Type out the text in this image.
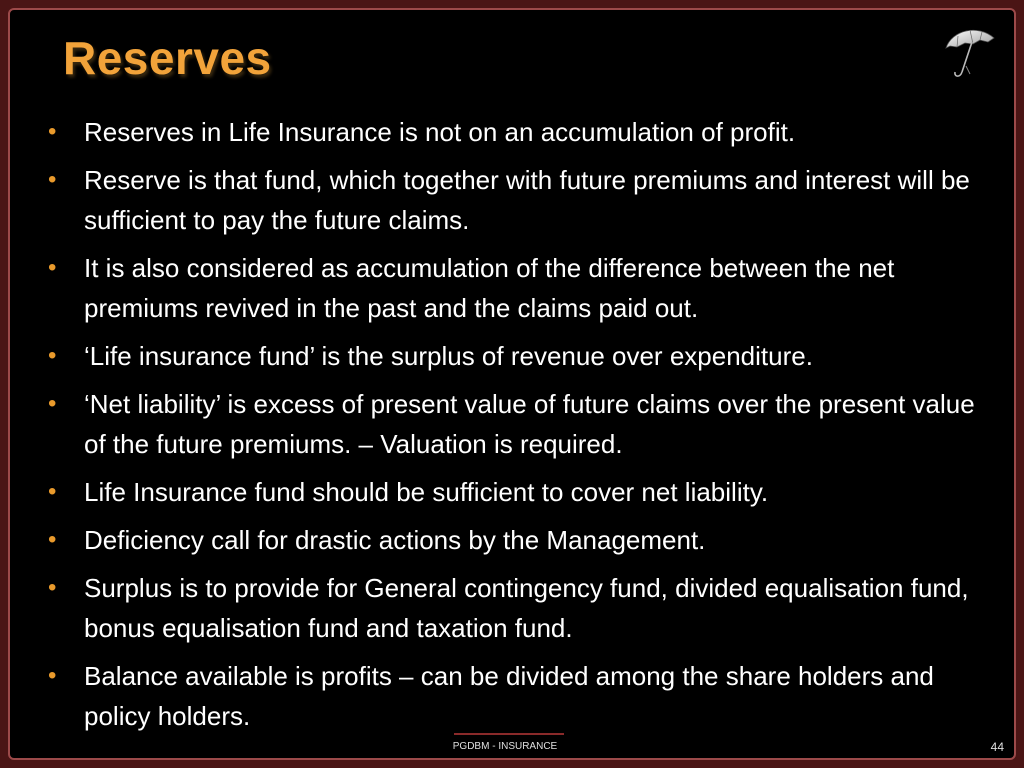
Reserves
• Reserves in Life Insurance is not on an accumulation of profit.
• Reserve is that fund, which together with future premiums and interest will be sufficient to pay the future claims.
• It is also considered as accumulation of the difference between the net premiums revived in the past and the claims paid out.
• ‘Life insurance fund’ is the surplus of revenue over expenditure.
• ‘Net liability’ is excess of present value of future claims over the present value of the future premiums. – Valuation is required.
• Life Insurance fund should be sufficient to cover net liability.
• Deficiency call for drastic actions by the Management.
• Surplus is to provide for General contingency fund, divided equalisation fund, bonus equalisation fund and taxation fund.
• Balance available is profits – can be divided among the share holders and policy holders.
PGDBM - INSURANCE	44
